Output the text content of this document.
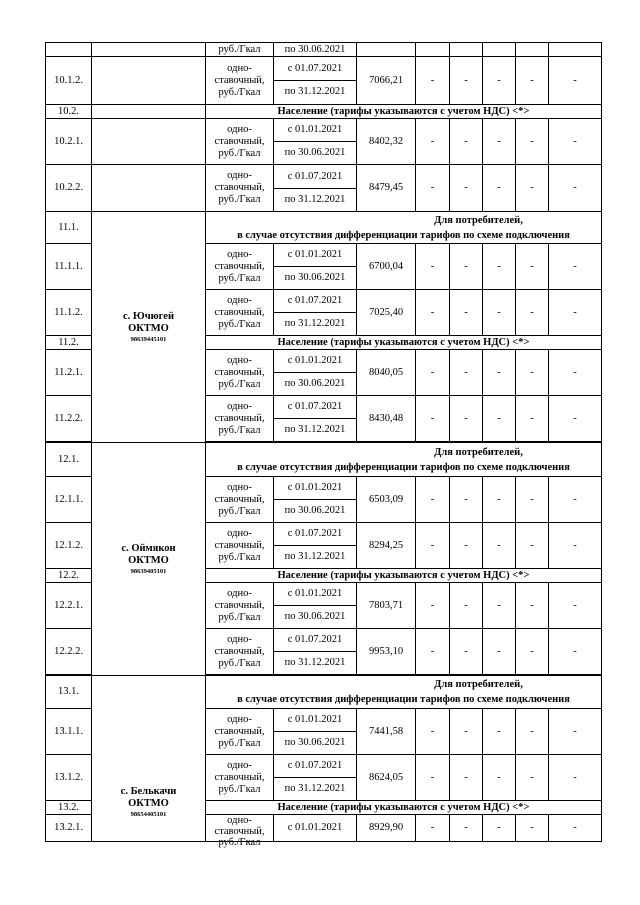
		руб./Гкал	по 30.06.2021						
10.1.2.		одно-
ставочный,
руб./Гкал	с 01.07.2021
по 31.12.2021	7066,21	-	-	-	-	-
10.2.		Население (тарифы указываются с учетом НДС) <*>							
10.2.1.		одно-
ставочный,
руб./Гкал	с 01.01.2021
по 30.06.2021	8402,32	-	-	-	-	-
10.2.2.		одно-
ставочный,
руб./Гкал	с 01.07.2021
по 31.12.2021	8479,45	-	-	-	-	-
11.1.	с. Ючюгей
ОКТМО
98639445101	Для потребителей,
в случае отсутствия дифференциации тарифов по схеме подключения							

11.1.1.		одно-
ставочный,
руб./Гкал	с 01.01.2021
по 30.06.2021	6700,04	-	-	-	-	-
11.1.2.		одно-
ставочный,
руб./Гкал	с 01.07.2021
по 31.12.2021	7025,40	-	-	-	-	-
11.2.		Население (тарифы указываются с учетом НДС) <*>							
11.2.1.		одно-
ставочный,
руб./Гкал	с 01.01.2021
по 30.06.2021	8040,05	-	-	-	-	-
11.2.2.		одно-
ставочный,
руб./Гкал	с 01.07.2021
по 31.12.2021	8430,48	-	-	-	-	-

12.1.	с. Оймякон
ОКТМО
98639405101	Для потребителей,
в случае отсутствия дифференциации тарифов по схеме подключения							

12.1.1.		одно-
ставочный,
руб./Гкал	с 01.01.2021
по 30.06.2021	6503,09	-	-	-	-	-
12.1.2.		одно-
ставочный,
руб./Гкал	с 01.07.2021
по 31.12.2021	8294,25	-	-	-	-	-
12.2.		Население (тарифы указываются с учетом НДС) <*>							
12.2.1.		одно-
ставочный,
руб./Гкал	с 01.01.2021
по 30.06.2021	7803,71	-	-	-	-	-
12.2.2.		одно-
ставочный,
руб./Гкал	с 01.07.2021
по 31.12.2021	9953,10	-	-	-	-	-

13.1.	с. Белькачи
ОКТМО
98654405101	Для потребителей,
в случае отсутствия дифференциации тарифов по схеме подключения							

13.1.1.		одно-
ставочный,
руб./Гкал	с 01.01.2021
по 30.06.2021	7441,58	-	-	-	-	-
13.1.2.		одно-
ставочный,
руб./Гкал	с 01.07.2021
по 31.12.2021	8624,05	-	-	-	-	-
13.2.		Население (тарифы указываются с учетом НДС) <*>							
13.2.1.		одно-
ставочный,
руб./Гкал	с 01.01.2021	8929,90	-	-	-	-	-
